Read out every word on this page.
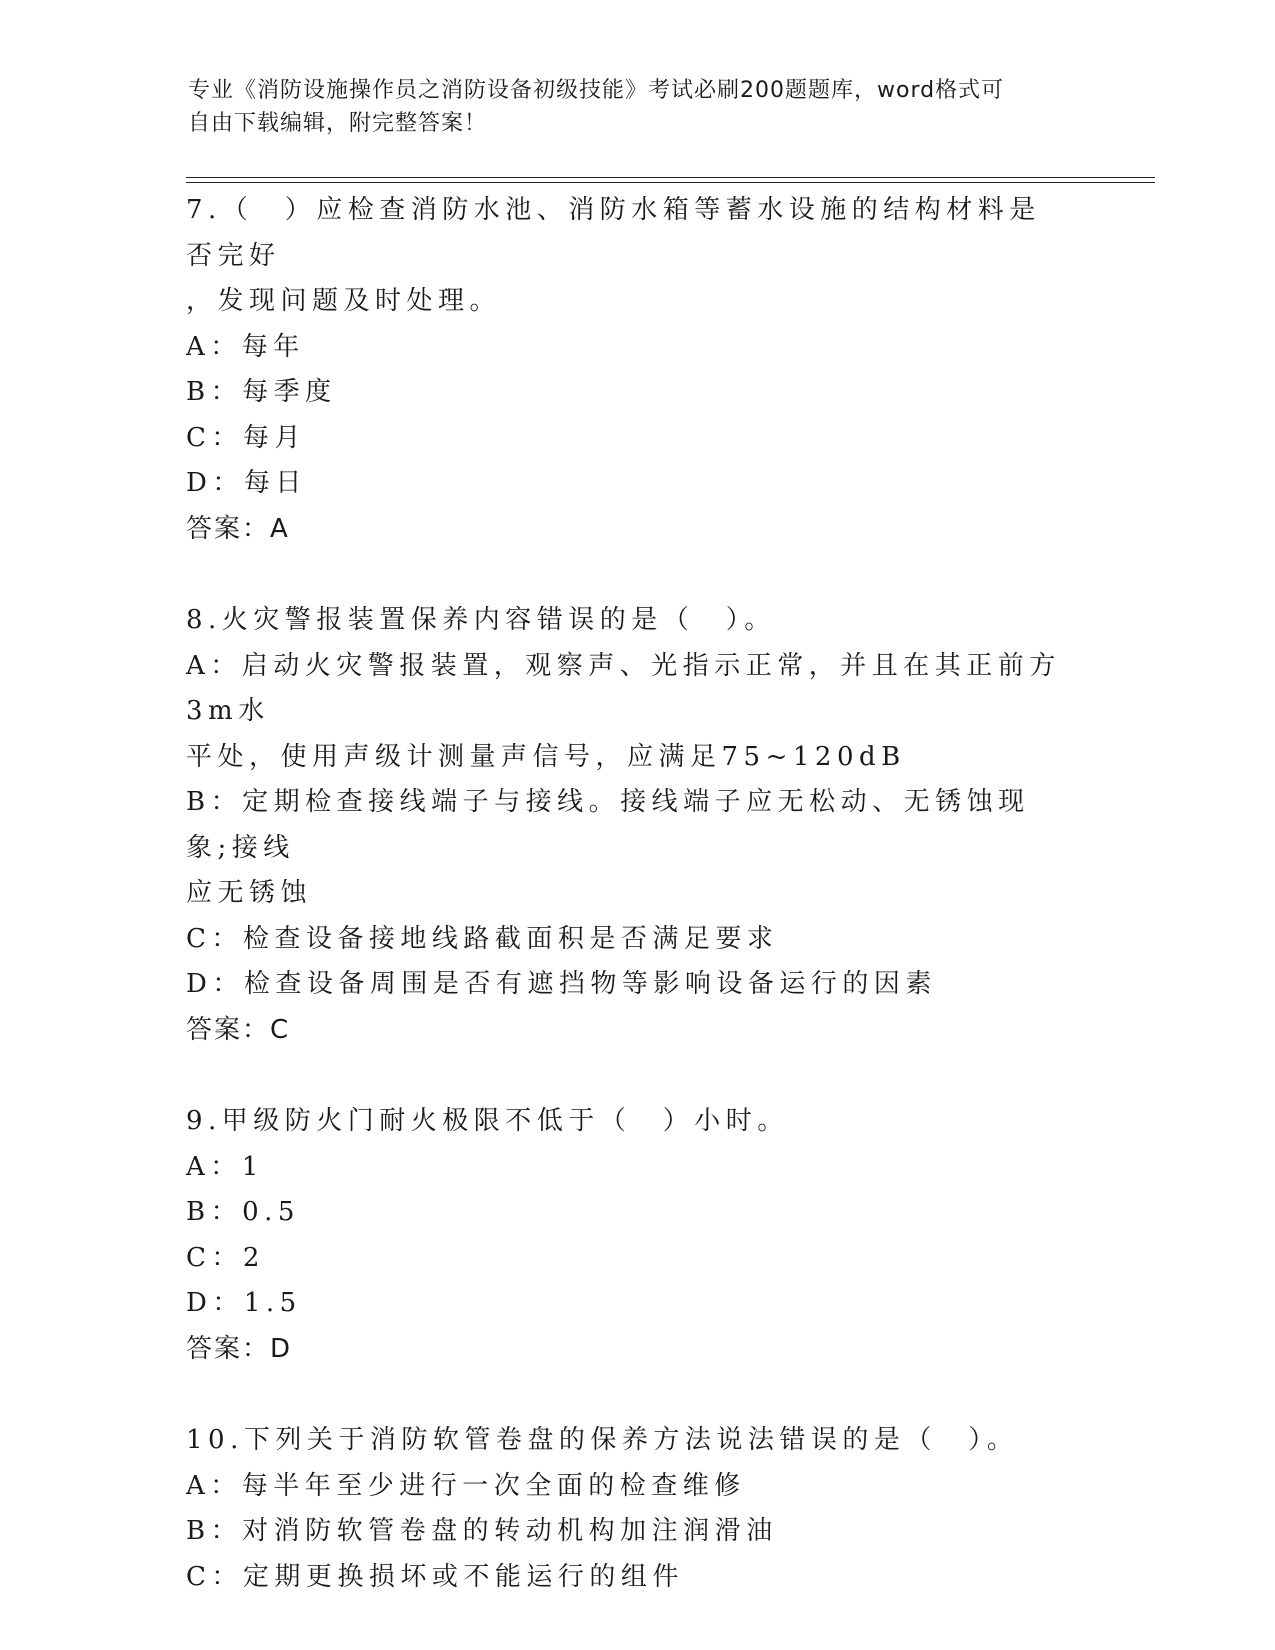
专业《消防设施操作员之消防设备初级技能》考试必刷200题题库，word格式可
自由下载编辑，附完整答案！
7.（　）应检查消防水池、消防水箱等蓄水设施的结构材料是否完好
，发现问题及时处理。
A：每年
B：每季度
C：每月
D：每日
答案：A
8.火灾警报装置保养内容错误的是（　）。
A：启动火灾警报装置，观察声、光指示正常，并且在其正前方3m水
平处，使用声级计测量声信号，应满足75~120dB
B：定期检查接线端子与接线。接线端子应无松动、无锈蚀现象;接线
应无锈蚀
C：检查设备接地线路截面积是否满足要求
D：检查设备周围是否有遮挡物等影响设备运行的因素
答案：C
9.甲级防火门耐火极限不低于（　）小时。
A：1
B：0.5
C：2
D：1.5
答案：D
10.下列关于消防软管卷盘的保养方法说法错误的是（　）。
A：每半年至少进行一次全面的检查维修
B：对消防软管卷盘的转动机构加注润滑油
C：定期更换损坏或不能运行的组件
